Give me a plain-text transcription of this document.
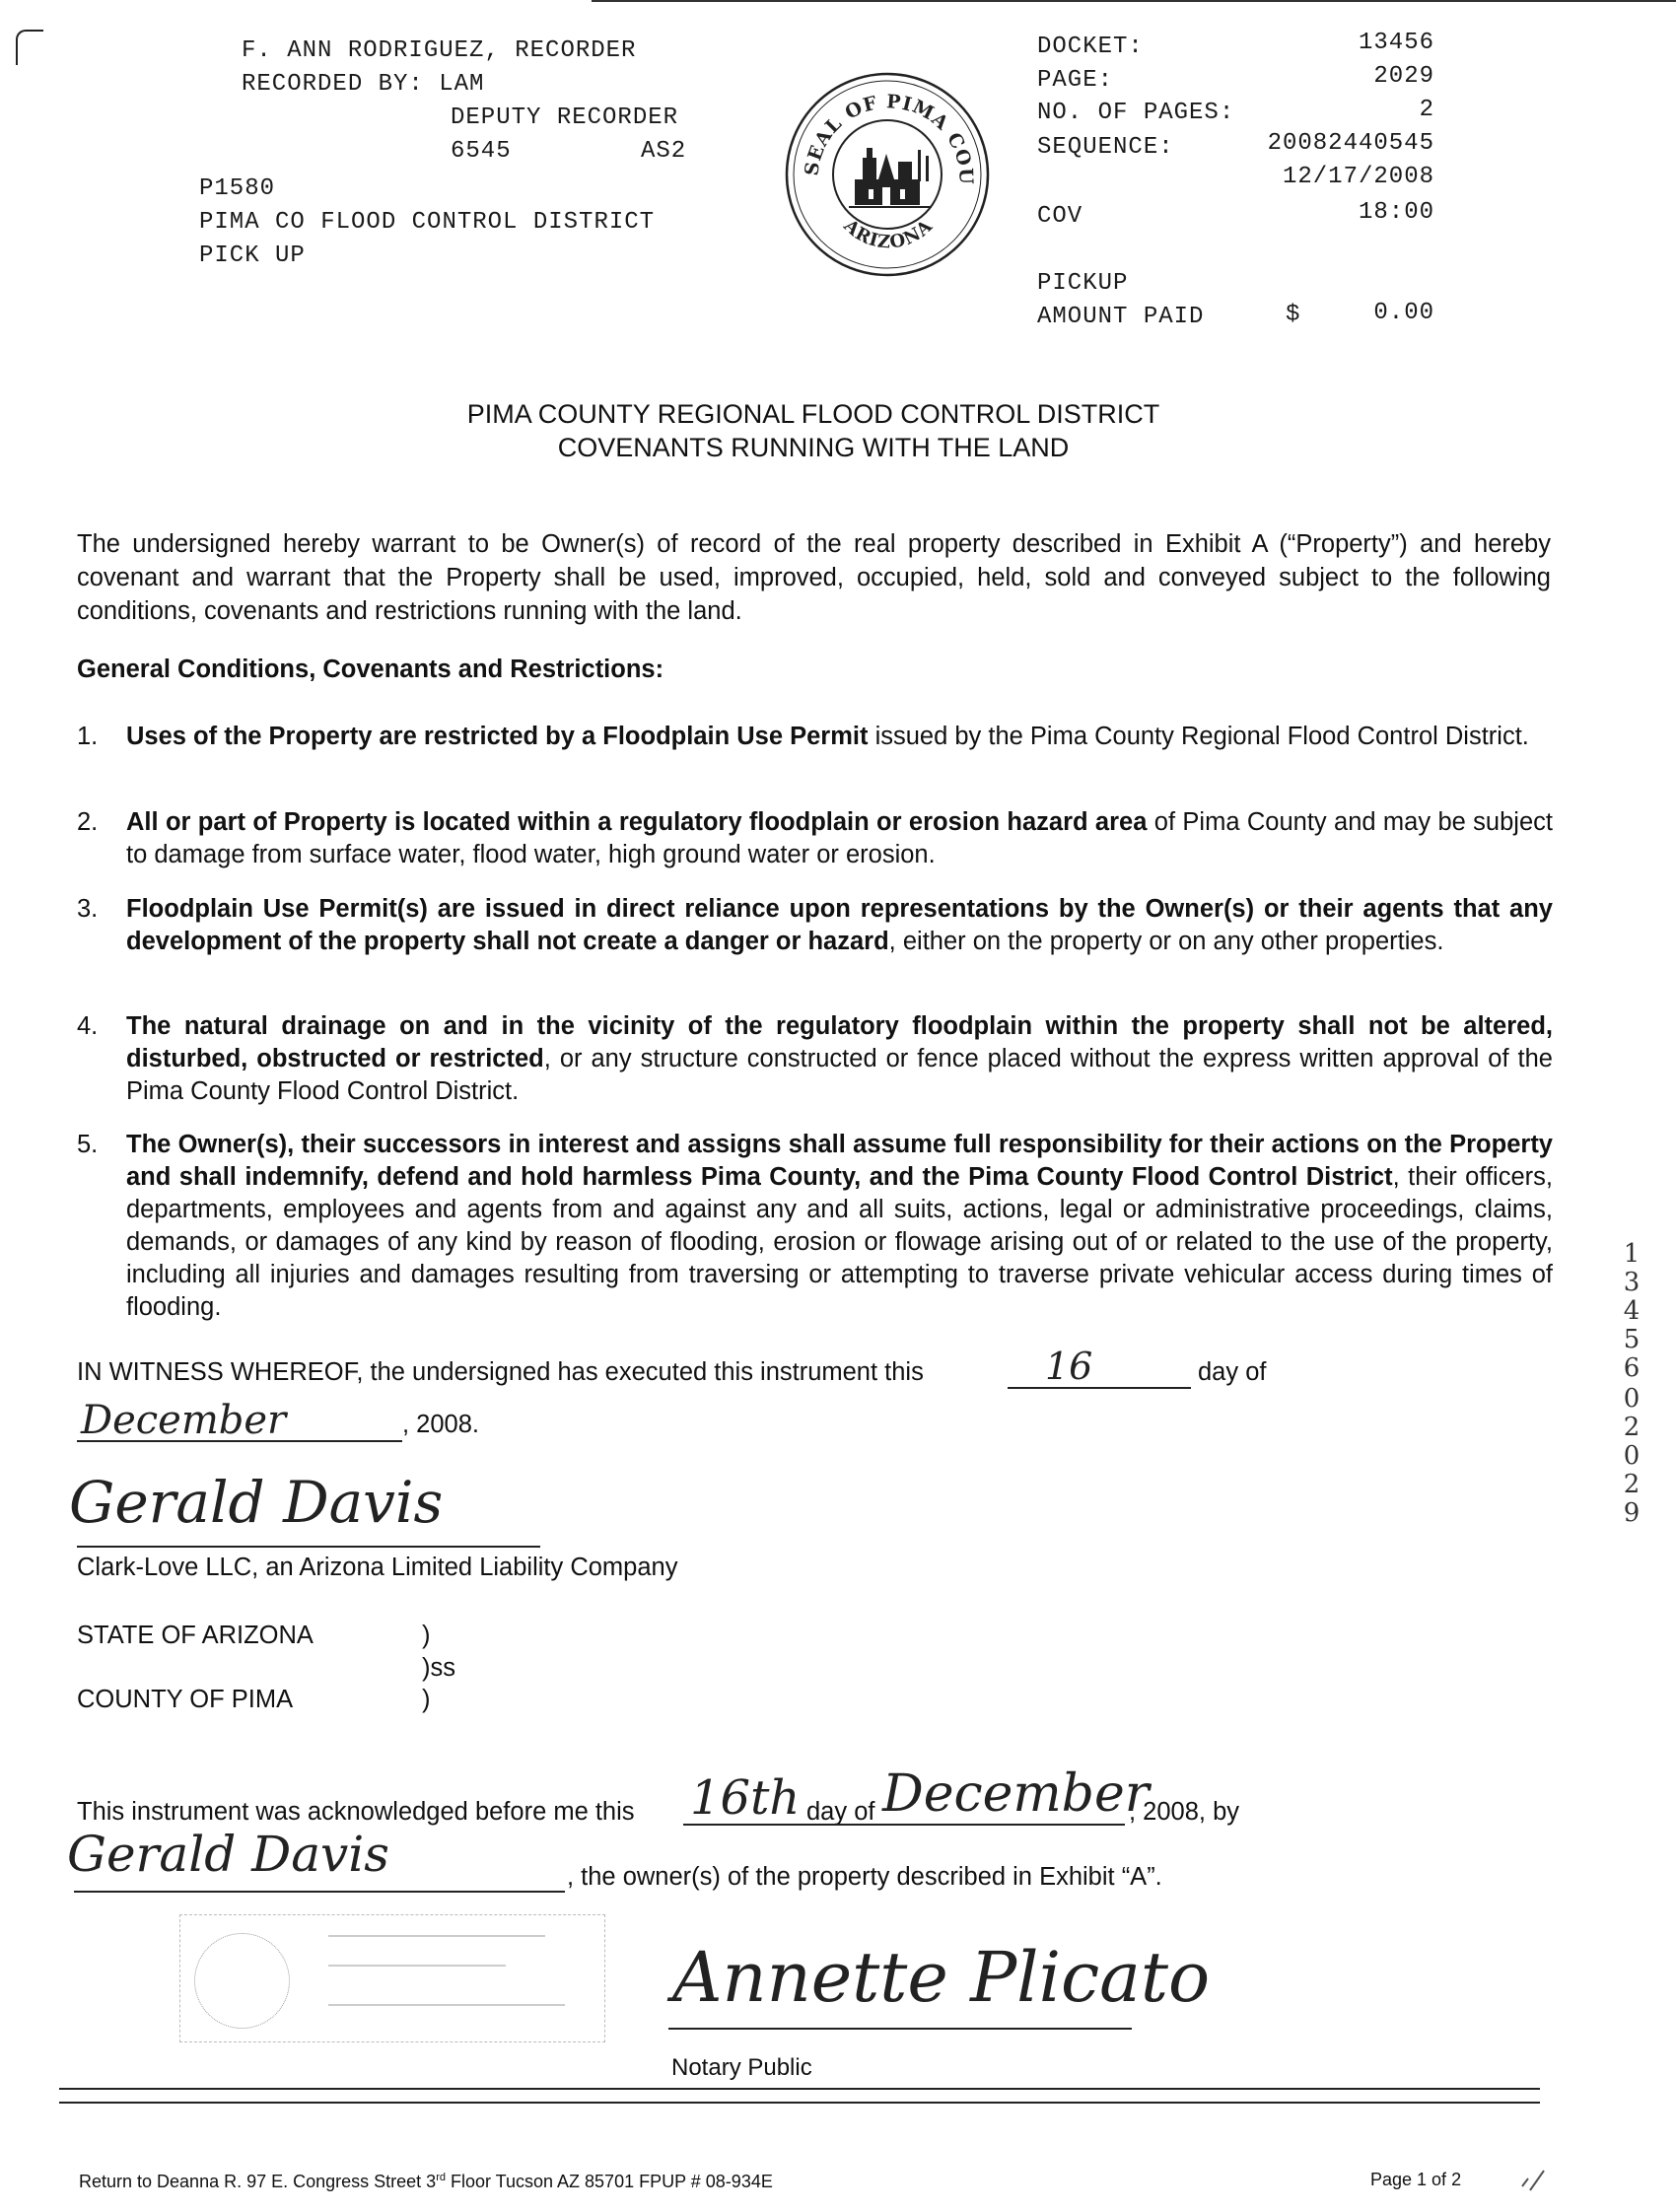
F. ANN RODRIGUEZ, RECORDER
RECORDED BY: LAM
DEPUTY RECORDER
6545	AS2
P1580
PIMA CO FLOOD CONTROL DISTRICT
PICK UP
SEAL OF PIMA COU
ARIZONA
DOCKET:	13456
PAGE:	2029
NO. OF PAGES:	2
SEQUENCE:	20082440545
12/17/2008
COV	18:00
PICKUP
AMOUNT PAID	$	0.00
PIMA COUNTY REGIONAL FLOOD CONTROL DISTRICT
COVENANTS RUNNING WITH THE LAND
The undersigned hereby warrant to be Owner(s) of record of the real property described in Exhibit A (“Property”) and hereby covenant and warrant that the Property shall be used, improved, occupied, held, sold and conveyed subject to the following conditions, covenants and restrictions running with the land.
General Conditions, Covenants and Restrictions:
1.	Uses of the Property are restricted by a Floodplain Use Permit issued by the Pima County Regional Flood Control District.
2.	All or part of Property is located within a regulatory floodplain or erosion hazard area of Pima County and may be subject to damage from surface water, flood water, high ground water or erosion.
3.	Floodplain Use Permit(s) are issued in direct reliance upon representations by the Owner(s) or their agents that any development of the property shall not create a danger or hazard, either on the property or on any other properties.
4.	The natural drainage on and in the vicinity of the regulatory floodplain within the property shall not be altered, disturbed, obstructed or restricted, or any structure constructed or fence placed without the express written approval of the Pima County Flood Control District.
5.	The Owner(s), their successors in interest and assigns shall assume full responsibility for their actions on the Property and shall indemnify, defend and hold harmless Pima County, and the Pima County Flood Control District, their officers, departments, employees and agents from and against any and all suits, actions, legal or administrative proceedings, claims, demands, or damages of any kind by reason of flooding, erosion or flowage arising out of or related to the use of the property, including all injuries and damages resulting from traversing or attempting to traverse private vehicular access during times of flooding.
IN WITNESS WHEREOF, the undersigned has executed this instrument this	16	day of
December	, 2008.
Gerald Davis
Clark-Love LLC, an Arizona Limited Liability Company
STATE OF ARIZONA	)
)ss
COUNTY OF PIMA	)
This instrument was acknowledged before me this 16th day of December
, 2008, by
Gerald Davis	, the owner(s) of the property described in Exhibit “A”.
Annette Plicato
Notary Public
13456
02029
Return to Deanna R. 97 E. Congress Street 3rd Floor Tucson AZ 85701 FPUP # 08-934E	Page 1 of 2
